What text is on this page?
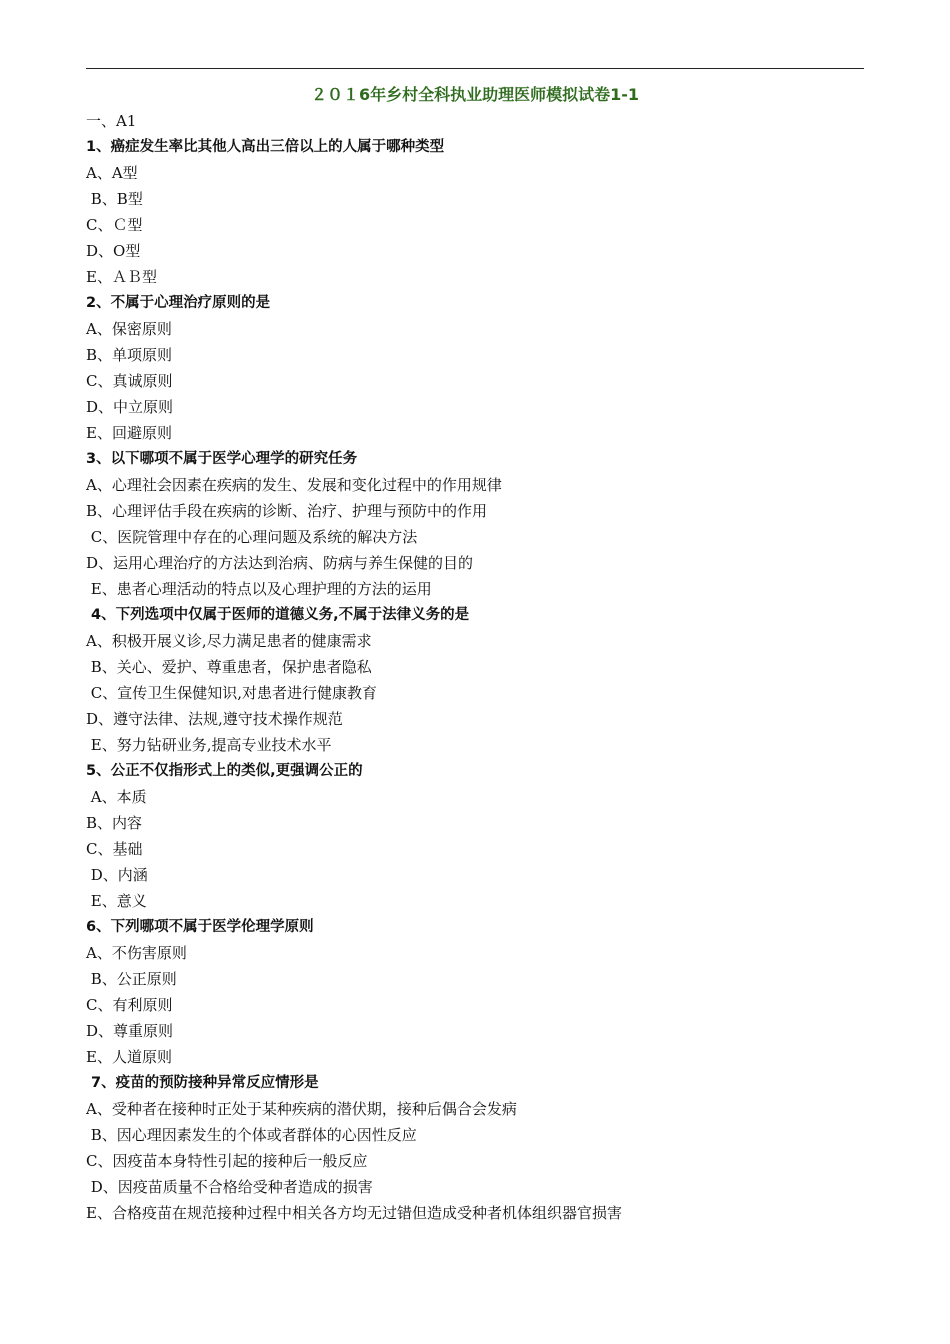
２０１6年乡村全科执业助理医师模拟试卷1-1
一、A1
1、癌症发生率比其他人高出三倍以上的人属于哪种类型
A、A型
B、B型
C、Ｃ型
D、O型
E、ＡＢ型
2、不属于心理治疗原则的是
A、保密原则
B、单项原则
C、真诚原则
D、中立原则
E、回避原则
3、以下哪项不属于医学心理学的研究任务
A、心理社会因素在疾病的发生、发展和变化过程中的作用规律
B、心理评估手段在疾病的诊断、治疗、护理与预防中的作用
C、医院管理中存在的心理问题及系统的解决方法
D、运用心理治疗的方法达到治病、防病与养生保健的目的
E、患者心理活动的特点以及心理护理的方法的运用
4、下列选项中仅属于医师的道德义务,不属于法律义务的是
A、积极开展义诊,尽力满足患者的健康需求
B、关心、爱护、尊重患者，保护患者隐私
C、宣传卫生保健知识,对患者进行健康教育
D、遵守法律、法规,遵守技术操作规范
E、努力钻研业务,提高专业技术水平
5、公正不仅指形式上的类似,更强调公正的
A、本质
B、内容
C、基础
D、内涵
E、意义
6、下列哪项不属于医学伦理学原则
A、不伤害原则
B、公正原则
C、有利原则
D、尊重原则
E、人道原则
7、疫苗的预防接种异常反应情形是
A、受种者在接种时正处于某种疾病的潜伏期，接种后偶合会发病
B、因心理因素发生的个体或者群体的心因性反应
C、因疫苗本身特性引起的接种后一般反应
D、因疫苗质量不合格给受种者造成的损害
E、合格疫苗在规范接种过程中相关各方均无过错但造成受种者机体组织器官损害
